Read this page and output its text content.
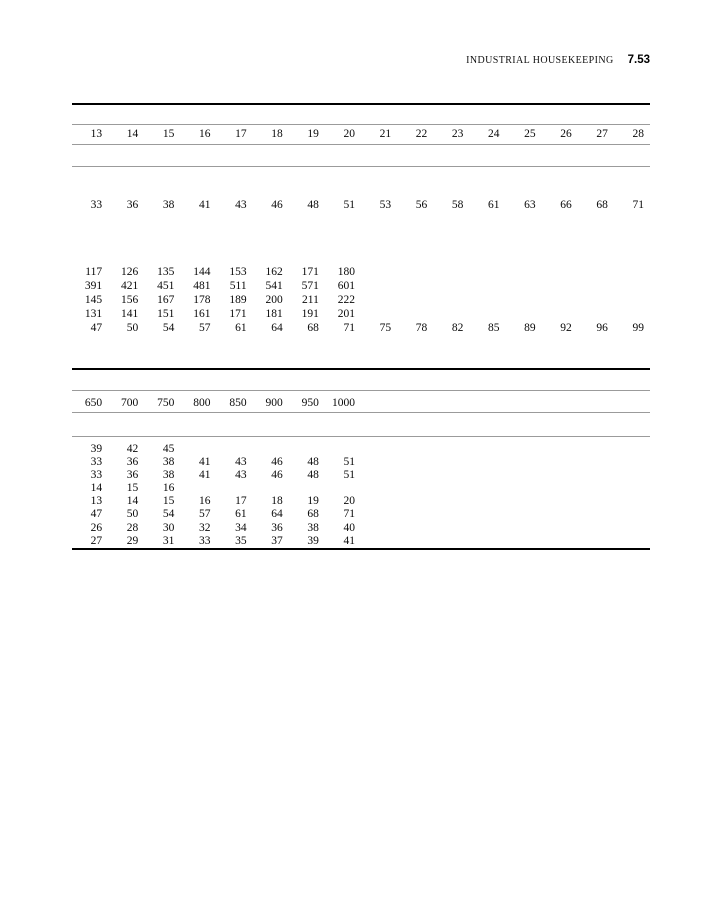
INDUSTRIAL HOUSEKEEPING 7.53
13	14	15	16	17	18	19	20	21	22	23	24	25	26	27	28
33	36	38	41	43	46	48	51	53	56	58	61	63	66	68	71
117	126	135	144	153	162	171	180
391	421	451	481	511	541	571	601
145	156	167	178	189	200	211	222
131	141	151	161	171	181	191	201
47	50	54	57	61	64	68	71	75	78	82	85	89	92	96	99
650	700	750	800	850	900	950	1000
39	42	45
33	36	38	41	43	46	48	51
33	36	38	41	43	46	48	51
14	15	16
13	14	15	16	17	18	19	20
47	50	54	57	61	64	68	71
26	28	30	32	34	36	38	40
27	29	31	33	35	37	39	41
